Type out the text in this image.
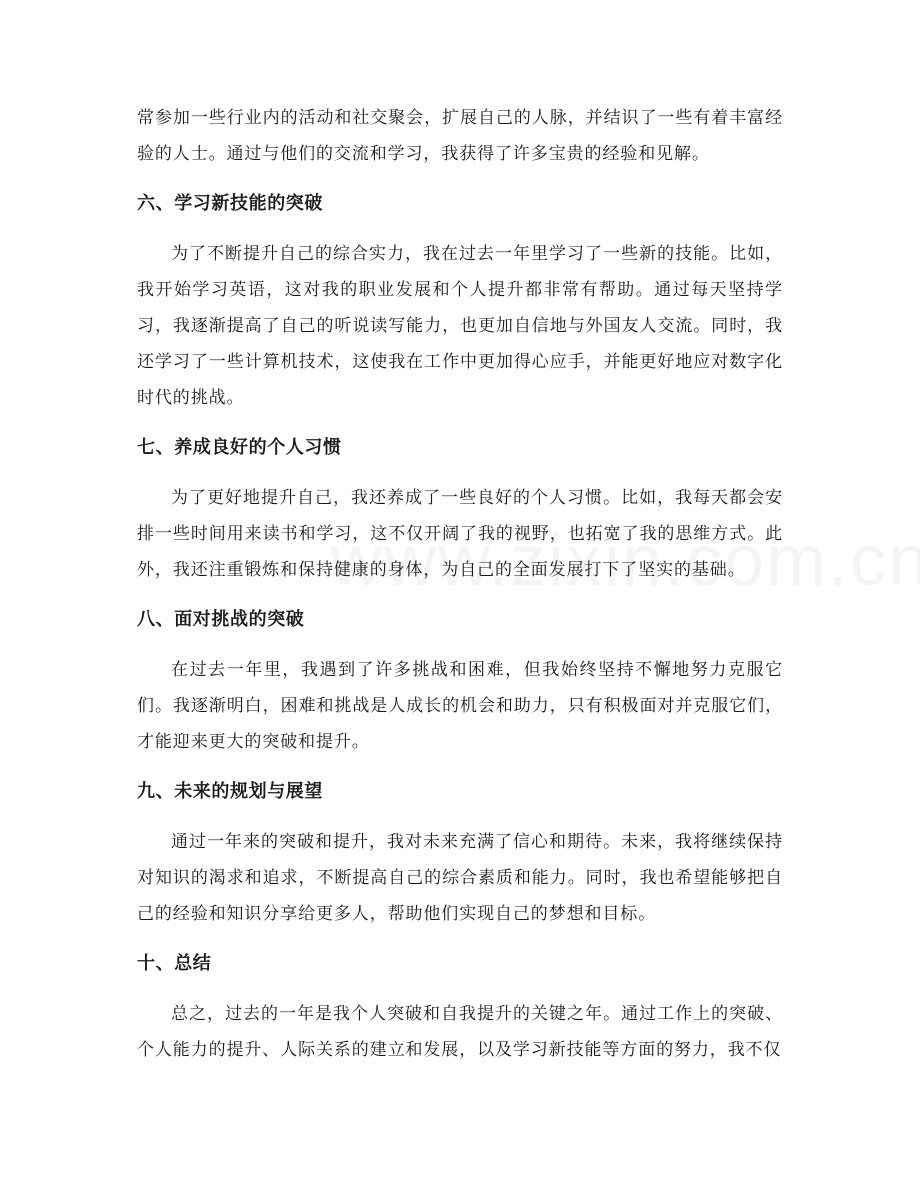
常参加一些行业内的活动和社交聚会，扩展自己的人脉，并结识了一些有着丰富经验的人士。通过与他们的交流和学习，我获得了许多宝贵的经验和见解。

六、学习新技能的突破

为了不断提升自己的综合实力，我在过去一年里学习了一些新的技能。比如，我开始学习英语，这对我的职业发展和个人提升都非常有帮助。通过每天坚持学习，我逐渐提高了自己的听说读写能力，也更加自信地与外国友人交流。同时，我还学习了一些计算机技术，这使我在工作中更加得心应手，并能更好地应对数字化时代的挑战。

七、养成良好的个人习惯

为了更好地提升自己，我还养成了一些良好的个人习惯。比如，我每天都会安排一些时间用来读书和学习，这不仅开阔了我的视野，也拓宽了我的思维方式。此外，我还注重锻炼和保持健康的身体，为自己的全面发展打下了坚实的基础。

八、面对挑战的突破

在过去一年里，我遇到了许多挑战和困难，但我始终坚持不懈地努力克服它们。我逐渐明白，困难和挑战是人成长的机会和助力，只有积极面对并克服它们，才能迎来更大的突破和提升。

九、未来的规划与展望

通过一年来的突破和提升，我对未来充满了信心和期待。未来，我将继续保持对知识的渴求和追求，不断提高自己的综合素质和能力。同时，我也希望能够把自己的经验和知识分享给更多人，帮助他们实现自己的梦想和目标。

十、总结

总之，过去的一年是我个人突破和自我提升的关键之年。通过工作上的突破、个人能力的提升、人际关系的建立和发展，以及学习新技能等方面的努力，我不仅
